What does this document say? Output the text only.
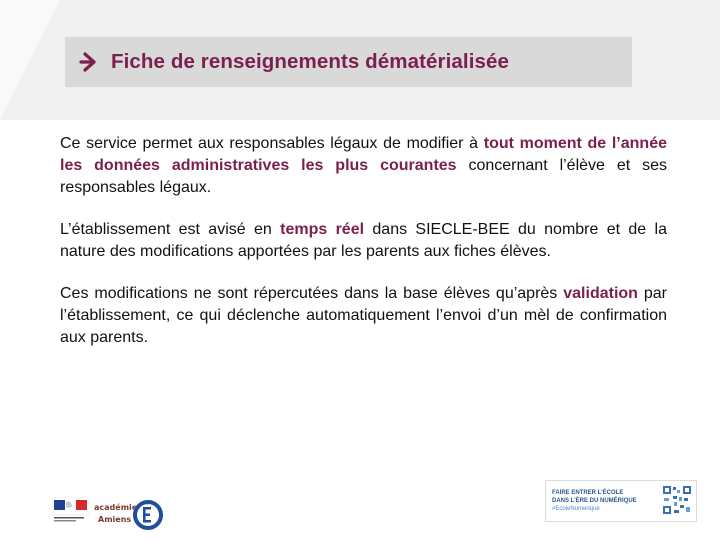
Fiche de renseignements dématérialisée

Ce service permet aux responsables légaux de modifier à tout moment de l’année les données administratives les plus courantes concernant l’élève et ses responsables légaux.

L’établissement est avisé en temps réel dans SIECLE-BEE du nombre et de la nature des modifications apportées par les parents aux fiches élèves.

Ces modifications ne sont répercutées dans la base élèves qu’après validation par l’établissement, ce qui déclenche automatiquement l’envoi d’un mèl de confirmation aux parents.

académie
Amiens
FAIRE ENTRER L’ÉCOLE
DANS L’ÈRE DU NUMÉRIQUE
#EcoleNumerique
